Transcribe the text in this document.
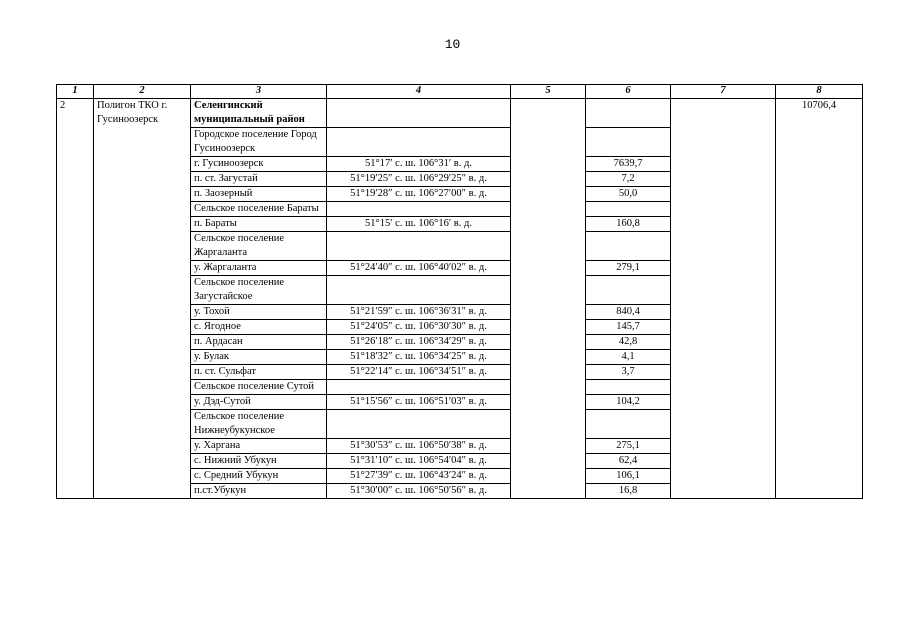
10
1	2	3	4	5	6	7	8
2	Полигон ТКО г. Гусиноозерск	Селенгинский муниципальный район					10706,4
		Городское поселение Город Гусиноозерск					
		г. Гусиноозерск	51°17′ с. ш. 106°31′ в. д.		7639,7		
		п. ст. Загустай	51°19′25″ с. ш. 106°29′25″ в. д.		7,2		
		п. Заозерный	51°19′28″ с. ш. 106°27′00″ в. д.		50,0		
		Сельское поселение Бараты					
		п. Бараты	51°15′ с. ш. 106°16′ в. д.		160,8		
		Сельское поселение Жаргаланта					
		у. Жаргаланта	51°24′40″ с. ш. 106°40′02″ в. д.		279,1		
		Сельское поселение Загустайское					
		у. Тохой	51°21′59″ с. ш. 106°36′31″ в. д.		840,4		
		с. Ягодное	51°24′05″ с. ш. 106°30′30″ в. д.		145,7		
		п. Ардасан	51°26′18″ с. ш. 106°34′29″ в. д.		42,8		
		у. Булак	51°18′32″ с. ш. 106°34′25″ в. д.		4,1		
		п. ст. Сульфат	51°22′14″ с. ш. 106°34′51″ в. д.		3,7		
		Сельское поселение Сутой					
		у. Дэд-Сутой	51°15′56″ с. ш. 106°51′03″ в. д.		104,2		
		Сельское поселение Нижнеубукунское					
		у. Харгана	51°30′53″ с. ш. 106°50′38″ в. д.		275,1		
		с. Нижний Убукун	51°31′10″ с. ш. 106°54′04″ в. д.		62,4		
		с. Средний Убукун	51°27′39″ с. ш. 106°43′24″ в. д.		106,1		
		п.ст.Убукун	51°30′00″ с. ш. 106°50′56″ в. д.		16,8		
